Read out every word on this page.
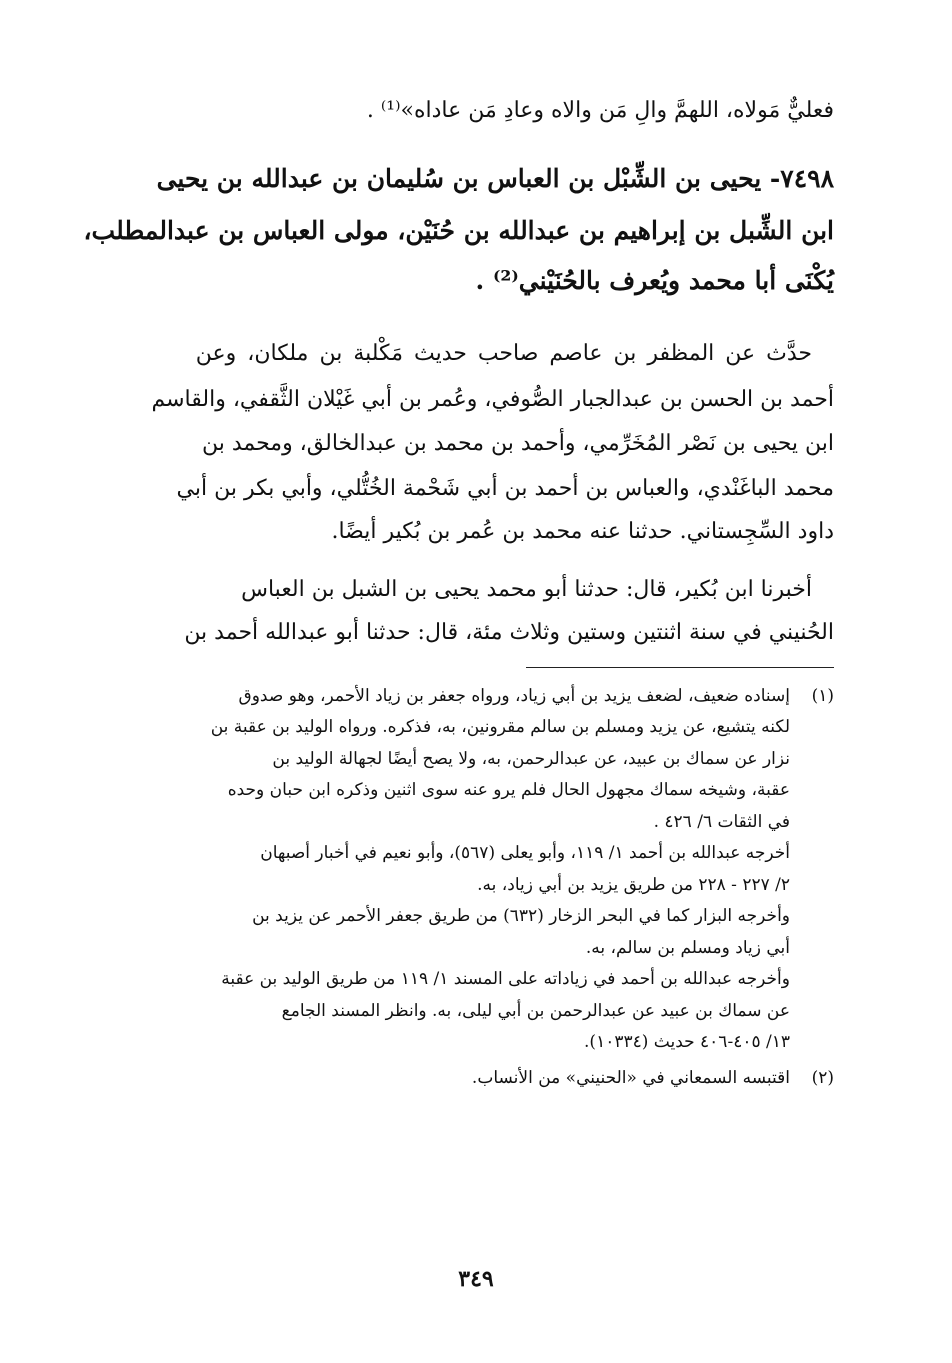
فعليٌّ مَولاه، اللهمَّ والِ مَن والاه وعادِ مَن عاداه»⁽¹⁾ .
٧٤٩٨- يحيى بن الشِّبْل بن العباس بن سُليمان بن عبدالله بن يحيى
ابن الشِّبل بن إبراهيم بن عبدالله بن حُنَيْن، مولى العباس بن عبدالمطلب،
يُكْنَى أبا محمد ويُعرف بالحُنَيْني⁽²⁾ .
حدَّث عن المظفر بن عاصم صاحب حديث مَكْلبة بن ملكان، وعن
أحمد بن الحسن بن عبدالجبار الصُّوفي، وعُمر بن أبي غَيْلان الثَّقفي، والقاسم
ابن يحيى بن نَصْر المُخَرِّمي، وأحمد بن محمد بن عبدالخالق، ومحمد بن
محمد الباغَنْدي، والعباس بن أحمد بن أبي شَحْمة الخُتُّلي، وأبي بكر بن أبي
داود السِّجِستاني. حدثنا عنه محمد بن عُمر بن بُكير أيضًا.
أخبرنا ابن بُكير، قال: حدثنا أبو محمد يحيى بن الشبل بن العباس
الحُنيني في سنة اثنتين وستين وثلاث مئة، قال: حدثنا أبو عبدالله أحمد بن
(١)
إسناده ضعيف، لضعف يزيد بن أبي زياد، ورواه جعفر بن زياد الأحمر، وهو صدوق
لكنه يتشيع، عن يزيد ومسلم بن سالم مقرونين، به، فذكره. ورواه الوليد بن عقبة بن
نزار عن سماك بن عبيد، عن عبدالرحمن، به، ولا يصح أيضًا لجهالة الوليد بن
عقبة، وشيخه سماك مجهول الحال فلم يرو عنه سوى اثنين وذكره ابن حبان وحده
في الثقات ٦/ ٤٢٦ .
أخرجه عبدالله بن أحمد ١/ ١١٩، وأبو يعلى (٥٦٧)، وأبو نعيم في أخبار أصبهان
٢/ ٢٢٧ - ٢٢٨ من طريق يزيد بن أبي زياد، به.
وأخرجه البزار كما في البحر الزخار (٦٣٢) من طريق جعفر الأحمر عن يزيد بن
أبي زياد ومسلم بن سالم، به.
وأخرجه عبدالله بن أحمد في زياداته على المسند ١/ ١١٩ من طريق الوليد بن عقبة
عن سماك بن عبيد عن عبدالرحمن بن أبي ليلى، به. وانظر المسند الجامع
١٣/ ٤٠٥-٤٠٦ حديث (١٠٣٣٤).
(٢)
اقتبسه السمعاني في «الحنيني» من الأنساب.
٣٤٩
